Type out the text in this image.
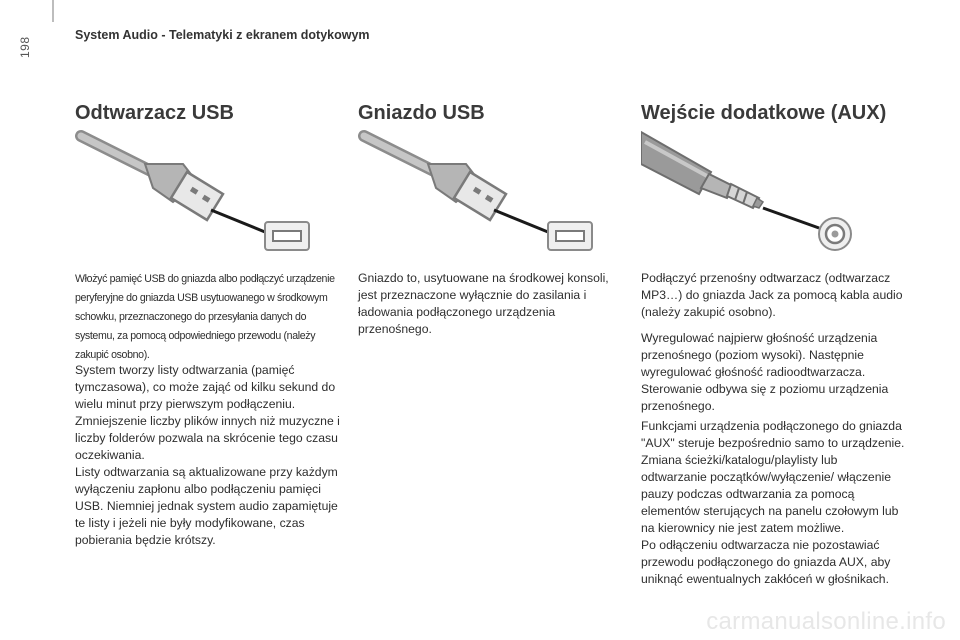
198
System Audio - Telematyki z ekranem dotykowym
Odtwarzacz USB

Włożyć pamięć USB do gniazda albo podłączyć urządzenie peryferyjne do gniazda USB usytuowanego w środkowym schowku, przeznaczonego do przesyłania danych do systemu, za pomocą odpowiedniego przewodu (należy zakupić osobno).

System tworzy listy odtwarzania (pamięć tymczasowa), co może zająć od kilku sekund do wielu minut przy pierwszym podłączeniu. Zmniejszenie liczby plików innych niż muzyczne i liczby folderów pozwala na skrócenie tego czasu oczekiwania.
Listy odtwarzania są aktualizowane przy każdym wyłączeniu zapłonu albo podłączeniu pamięci USB. Niemniej jednak system audio zapamiętuje te listy i jeżeli nie były modyfikowane, czas pobierania będzie krótszy.

Gniazdo USB

Gniazdo to, usytuowane na środkowej konsoli, jest przeznaczone wyłącznie do zasilania i ładowania podłączonego urządzenia przenośnego.

Wejście dodatkowe (AUX)

Podłączyć przenośny odtwarzacz (odtwarzacz MP3…) do gniazda Jack za pomocą kabla audio (należy zakupić osobno).

Wyregulować najpierw głośność urządzenia przenośnego (poziom wysoki). Następnie wyregulować głośność radioodtwarzacza. Sterowanie odbywa się z poziomu urządzenia przenośnego.

Funkcjami urządzenia podłączonego do gniazda "AUX" steruje bezpośrednio samo to urządzenie. Zmiana ścieżki/katalogu/playlisty lub odtwarzanie początków/wyłączenie/ włączenie pauzy podczas odtwarzania za pomocą elementów sterujących na panelu czołowym lub na kierownicy nie jest zatem możliwe.
Po odłączeniu odtwarzacza nie pozostawiać przewodu podłączonego do gniazda AUX, aby uniknąć ewentualnych zakłóceń w głośnikach.

carmanualsonline.info
